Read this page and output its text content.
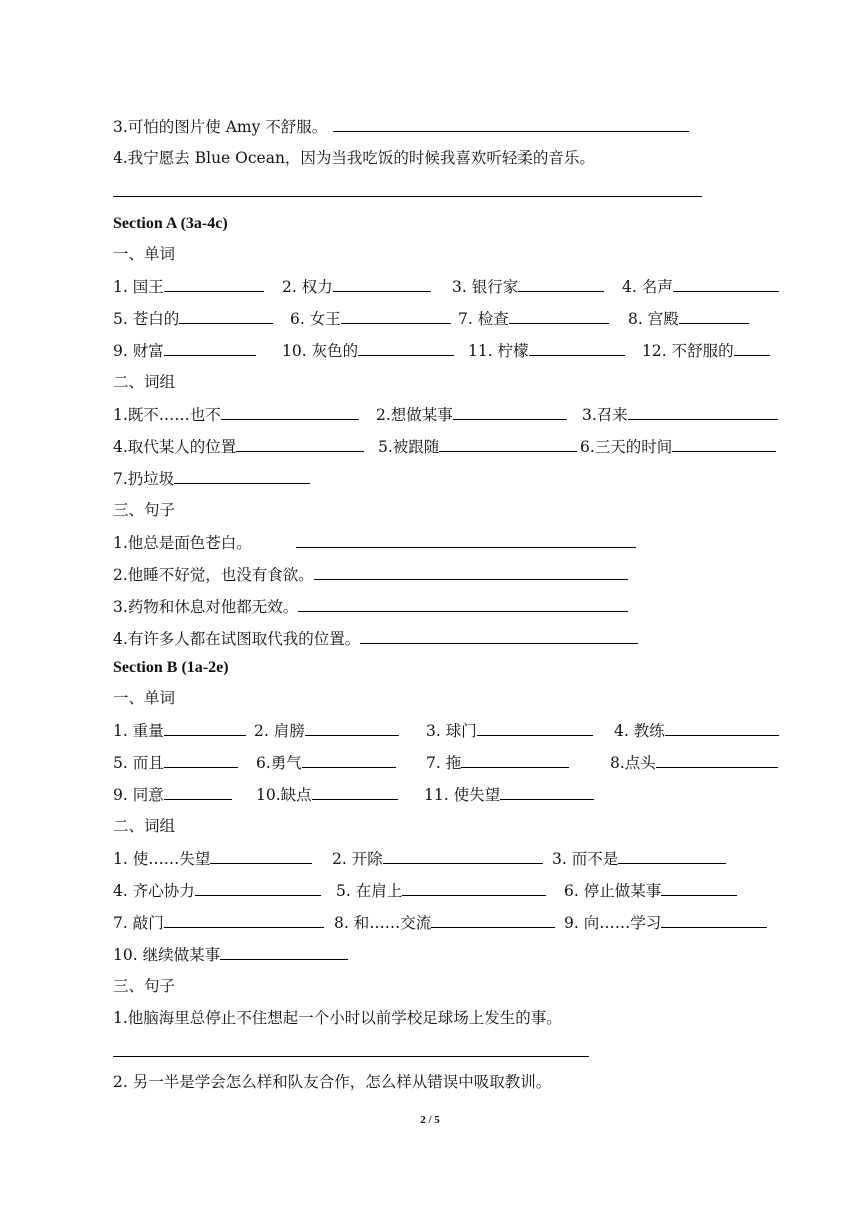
3.可怕的图片使 Amy 不舒服。
4.我宁愿去 Blue Ocean，因为当我吃饭的时候我喜欢听轻柔的音乐。
Section A (3a-4c)
一、单词
1. 国王	2. 权力	3. 银行家	4. 名声
5. 苍白的	6. 女王	7. 检查	8. 宫殿
9. 财富	10. 灰色的	11. 柠檬	12. 不舒服的
二、词组
1.既不……也不	2.想做某事	3.召来
4.取代某人的位置	5.被跟随	6.三天的时间
7.扔垃圾
三、句子
1.他总是面色苍白。
2.他睡不好觉，也没有食欲。
3.药物和休息对他都无效。
4.有许多人都在试图取代我的位置。
Section B (1a-2e)
一、单词
1. 重量	2. 肩膀	3. 球门	4. 教练
5. 而且	6.勇气	7. 拖	8.点头
9. 同意	10.缺点	11. 使失望
二、词组
1. 使……失望	2. 开除	3. 而不是
4. 齐心协力	5. 在肩上	6. 停止做某事
7. 敲门	8. 和……交流	9. 向……学习
10. 继续做某事
三、句子
1.他脑海里总停止不住想起一个小时以前学校足球场上发生的事。
2. 另一半是学会怎么样和队友合作，怎么样从错误中吸取教训。
2 / 5
